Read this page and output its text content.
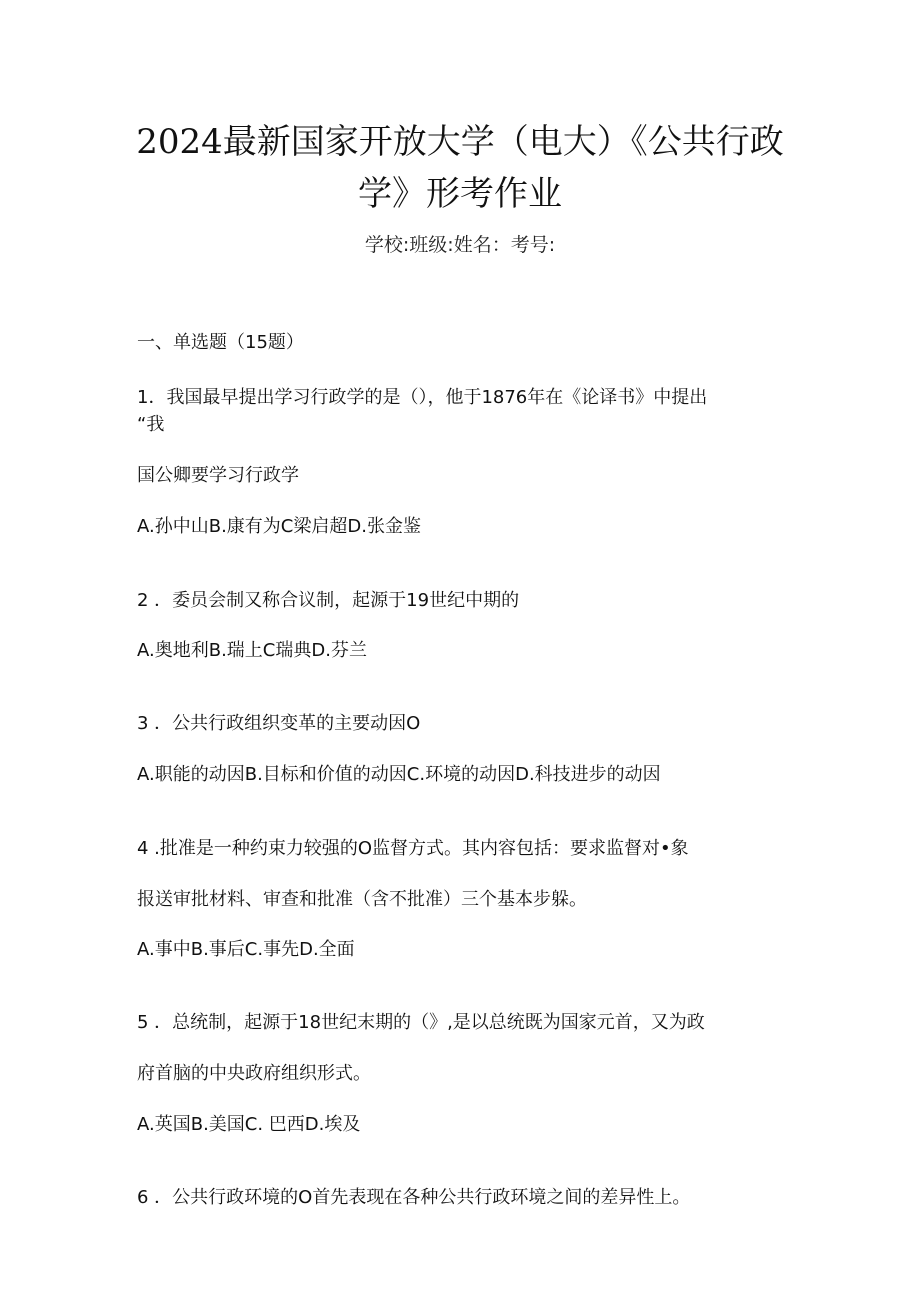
2024最新国家开放大学（电大）《公共行政
学》形考作业
学校:班级:姓名：考号:
一、单选题（15题）
1．我国最早提出学习行政学的是（），他于1876年在《论译书》中提出
“我
国公卿要学习行政学
A.孙中山B.康有为C梁启超D.张金鉴
2 ．委员会制又称合议制，起源于19世纪中期的
A.奥地利B.瑞上C瑞典D.芬兰
3 ．公共行政组织变革的主要动因O
A.职能的动因B.目标和价值的动因C.环境的动因D.科技进步的动因
4 .批准是一种约束力较强的O监督方式。其内容包括：要求监督对•象
报送审批材料、审查和批准（含不批准）三个基本步躲。
A.事中B.事后C.事先D.全面
5 ．总统制，起源于18世纪末期的（》,是以总统既为国家元首，又为政
府首脑的中央政府组织形式。
A.英国B.美国C. 巴西D.埃及
6 ．公共行政环境的O首先表现在各种公共行政环境之间的差异性上。
